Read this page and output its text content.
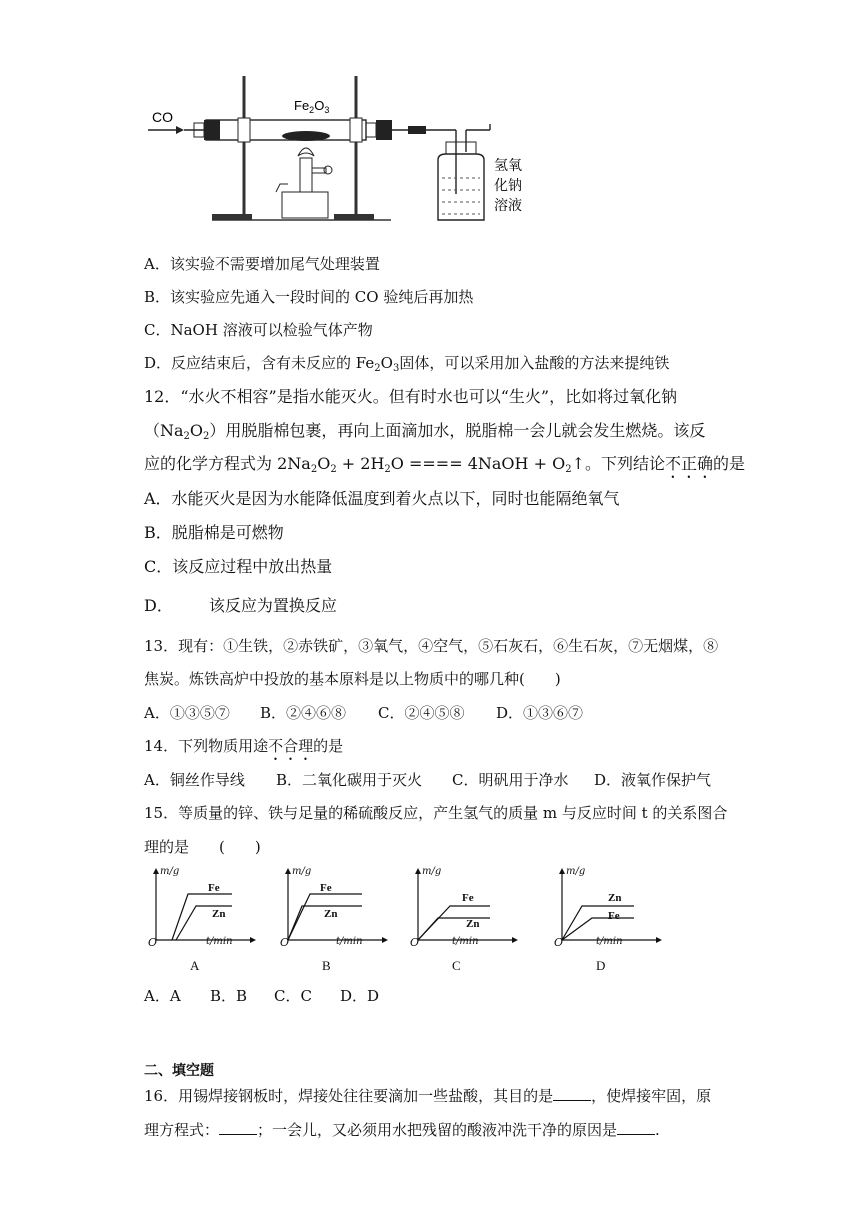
CO
$Fe_2O_3$
氢氧 化钠 溶液
A．该实验不需要增加尾气处理装置
B．该实验应先通入一段时间的 CO 验纯后再加热
C．NaOH 溶液可以检验气体产物
D．反应结束后，含有未反应的 $Fe_2O_3$固体，可以采用加入盐酸的方法来提纯铁
12．“水火不相容”是指水能灭火。但有时水也可以“生火”，比如将过氧化钠
$(Na_2O_2)$用脱脂棉包裹，再向上面滴加水，脱脂棉一会儿就会发生燃烧。该反
应的化学方程式为 $2Na_2O_2 + 2H_2O$ ==== 4NaOH + $O_2↑$。下列结论不正确的是
A．水能灭火是因为水能降低温度到着火点以下，同时也能隔绝氧气
B．脱脂棉是可燃物
C．该反应过程中放出热量
D． 该反应为置换反应
13．现有：①生铁，②赤铁矿，③氧气，④空气，⑤石灰石，⑥生石灰，⑦无烟煤，⑧
焦炭。炼铁高炉中投放的基本原料是以上物质中的哪几种(　　)
A．①③⑤⑦ B．②④⑥⑧ C．②④⑤⑧ D．①③⑥⑦
14．下列物质用途不合理的是
A．铜丝作导线 B．二氧化碳用于灭火 C．明矾用于净水 D．液氧作保护气
15．等质量的锌、铁与足量的稀硫酸反应，产生氢气的质量 m 与反应时间 t 的关系图合
理的是　　(　　)
m/g
Fe
Zn
O	t/min
A
m/g
Fe
Zn
O	t/min
B
m/g
Fe
Zn
O	t/min
C
m/g
Zn
Fe
O	t/min
D
A．A B．B C．C D．D
二、填空题
16．用锡焊接钢板时，焊接处往往要滴加一些盐酸，其目的是	，使焊接牢固，原
理方程式：	；一会儿，又必须用水把残留的酸液冲洗干净的原因是	.
